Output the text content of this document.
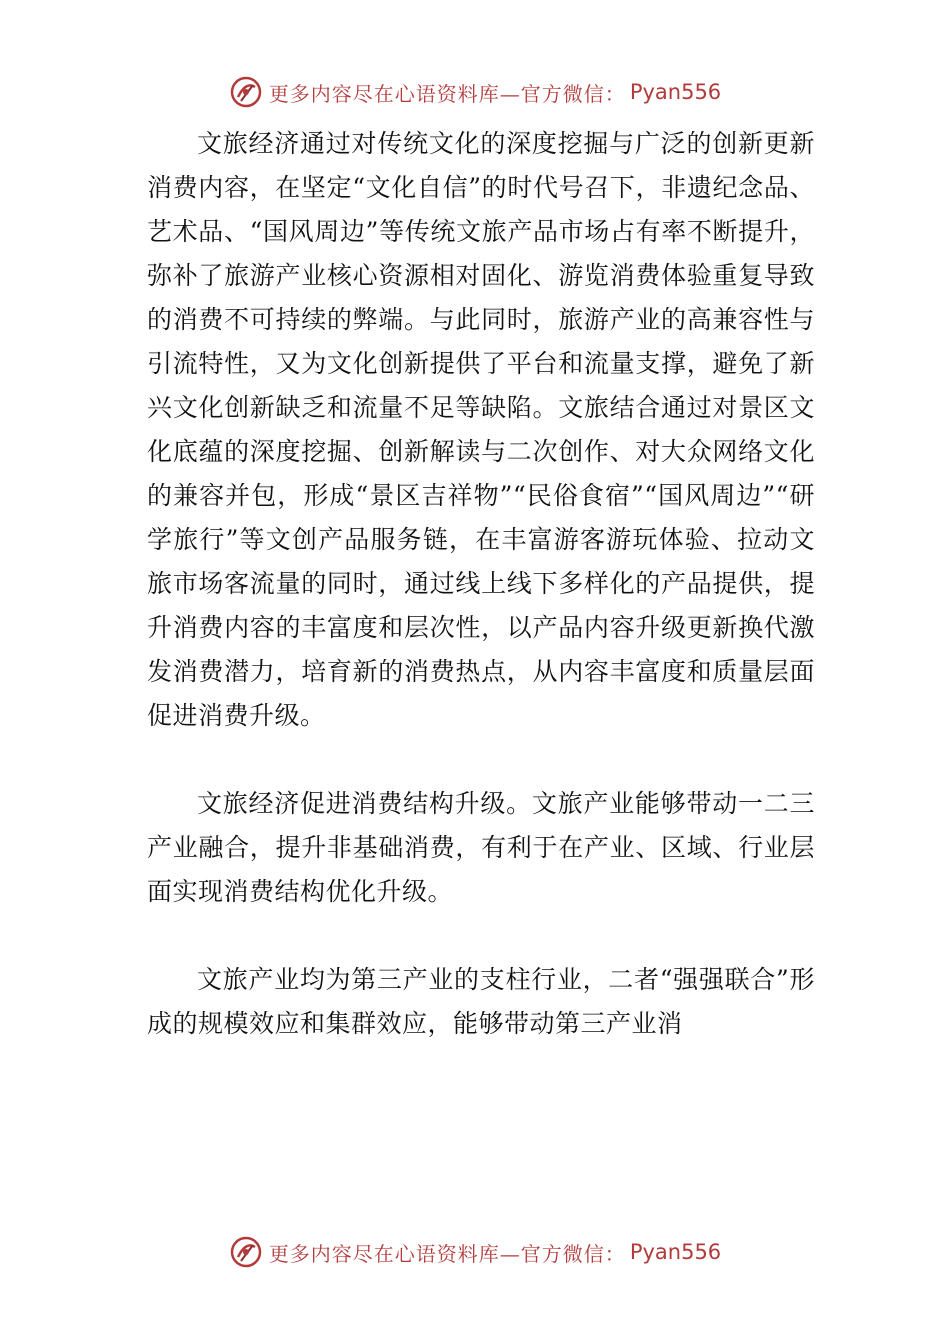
更多内容尽在心语资料库—官方微信： Pyan556

文旅经济通过对传统文化的深度挖掘与广泛的创新更新消费内容，在坚定“文化自信”的时代号召下，非遗纪念品、艺术品、“国风周边”等传统文旅产品市场占有率不断提升，弥补了旅游产业核心资源相对固化、游览消费体验重复导致的消费不可持续的弊端。与此同时，旅游产业的高兼容性与引流特性，又为文化创新提供了平台和流量支撑，避免了新兴文化创新缺乏和流量不足等缺陷。文旅结合通过对景区文化底蕴的深度挖掘、创新解读与二次创作、对大众网络文化的兼容并包，形成“景区吉祥物”“民俗食宿”“国风周边”“研学旅行”等文创产品服务链，在丰富游客游玩体验、拉动文旅市场客流量的同时，通过线上线下多样化的产品提供，提升消费内容的丰富度和层次性，以产品内容升级更新换代激发消费潜力，培育新的消费热点，从内容丰富度和质量层面促进消费升级。

文旅经济促进消费结构升级。文旅产业能够带动一二三产业融合，提升非基础消费，有利于在产业、区域、行业层面实现消费结构优化升级。

文旅产业均为第三产业的支柱行业，二者“强强联合”形成的规模效应和集群效应，能够带动第三产业消

更多内容尽在心语资料库—官方微信： Pyan556
